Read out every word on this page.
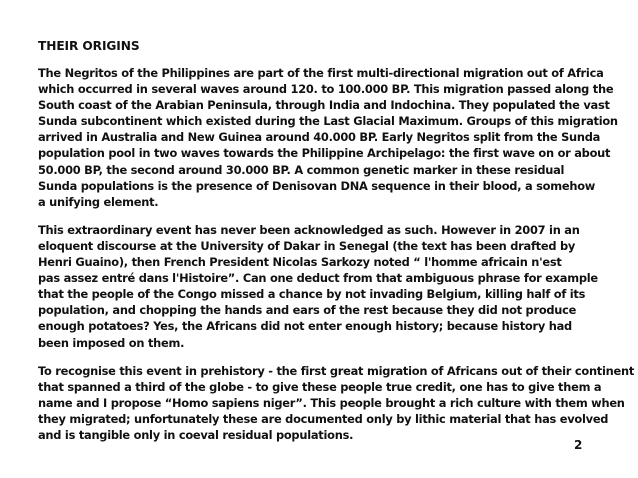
THEIR ORIGINS
The Negritos of the Philippines are part of the first multi-directional migration out of Africa
which occurred in several waves around 120. to 100.000 BP. This migration passed along the
South coast of the Arabian Peninsula, through India and Indochina. They populated the vast
Sunda subcontinent which existed during the Last Glacial Maximum. Groups of this migration
arrived in Australia and New Guinea around 40.000 BP. Early Negritos split from the Sunda
population pool in two waves towards the Philippine Archipelago: the first wave on or about
50.000 BP, the second around 30.000 BP. A common genetic marker in these residual
Sunda populations is the presence of Denisovan DNA sequence in their blood, a somehow
a unifying element.
This extraordinary event has never been acknowledged as such. However in 2007 in an
eloquent discourse at the University of Dakar in Senegal (the text has been drafted by
Henri Guaino), then French President Nicolas Sarkozy noted “ l'homme africain n'est
pas assez entré dans l'Histoire”. Can one deduct from that ambiguous phrase for example
that the people of the Congo missed a chance by not invading Belgium, killing half of its
population, and chopping the hands and ears of the rest because they did not produce
enough potatoes? Yes, the Africans did not enter enough history; because history had
been imposed on them.
To recognise this event in prehistory - the first great migration of Africans out of their continent
that spanned a third of the globe - to give these people true credit, one has to give them a
name and I propose “Homo sapiens niger”. This people brought a rich culture with them when
they migrated; unfortunately these are documented only by lithic material that has evolved
and is tangible only in coeval residual populations.
2
